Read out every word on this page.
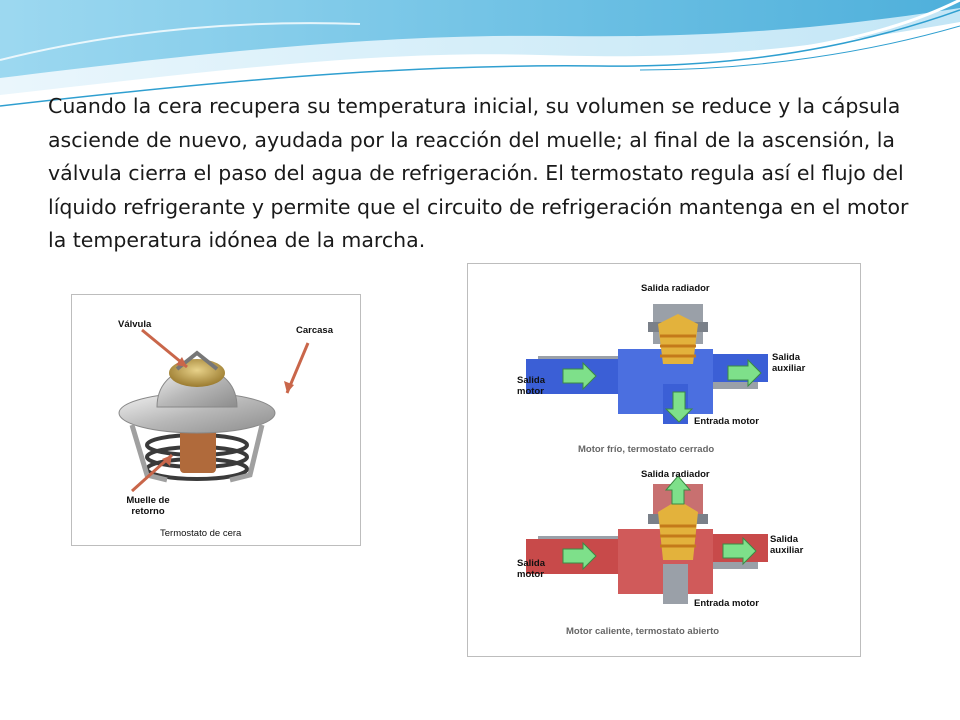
Cuando la cera recupera su temperatura inicial, su volumen se reduce y la cápsula asciende de nuevo, ayudada por la reacción del muelle; al final de la ascensión, la válvula cierra el paso del agua de refrigeración. El termostato regula así el flujo del líquido refrigerante y permite que el circuito de refrigeración mantenga en el motor la temperatura idónea de la marcha.

Válvula
Carcasa
Muelle de retorno
Termostato de cera
Salida radiador
Salida motor
Salida auxiliar
Entrada motor
Motor frío, termostato cerrado
Salida radiador
Salida motor
Salida auxiliar
Entrada motor
Motor caliente, termostato abierto
